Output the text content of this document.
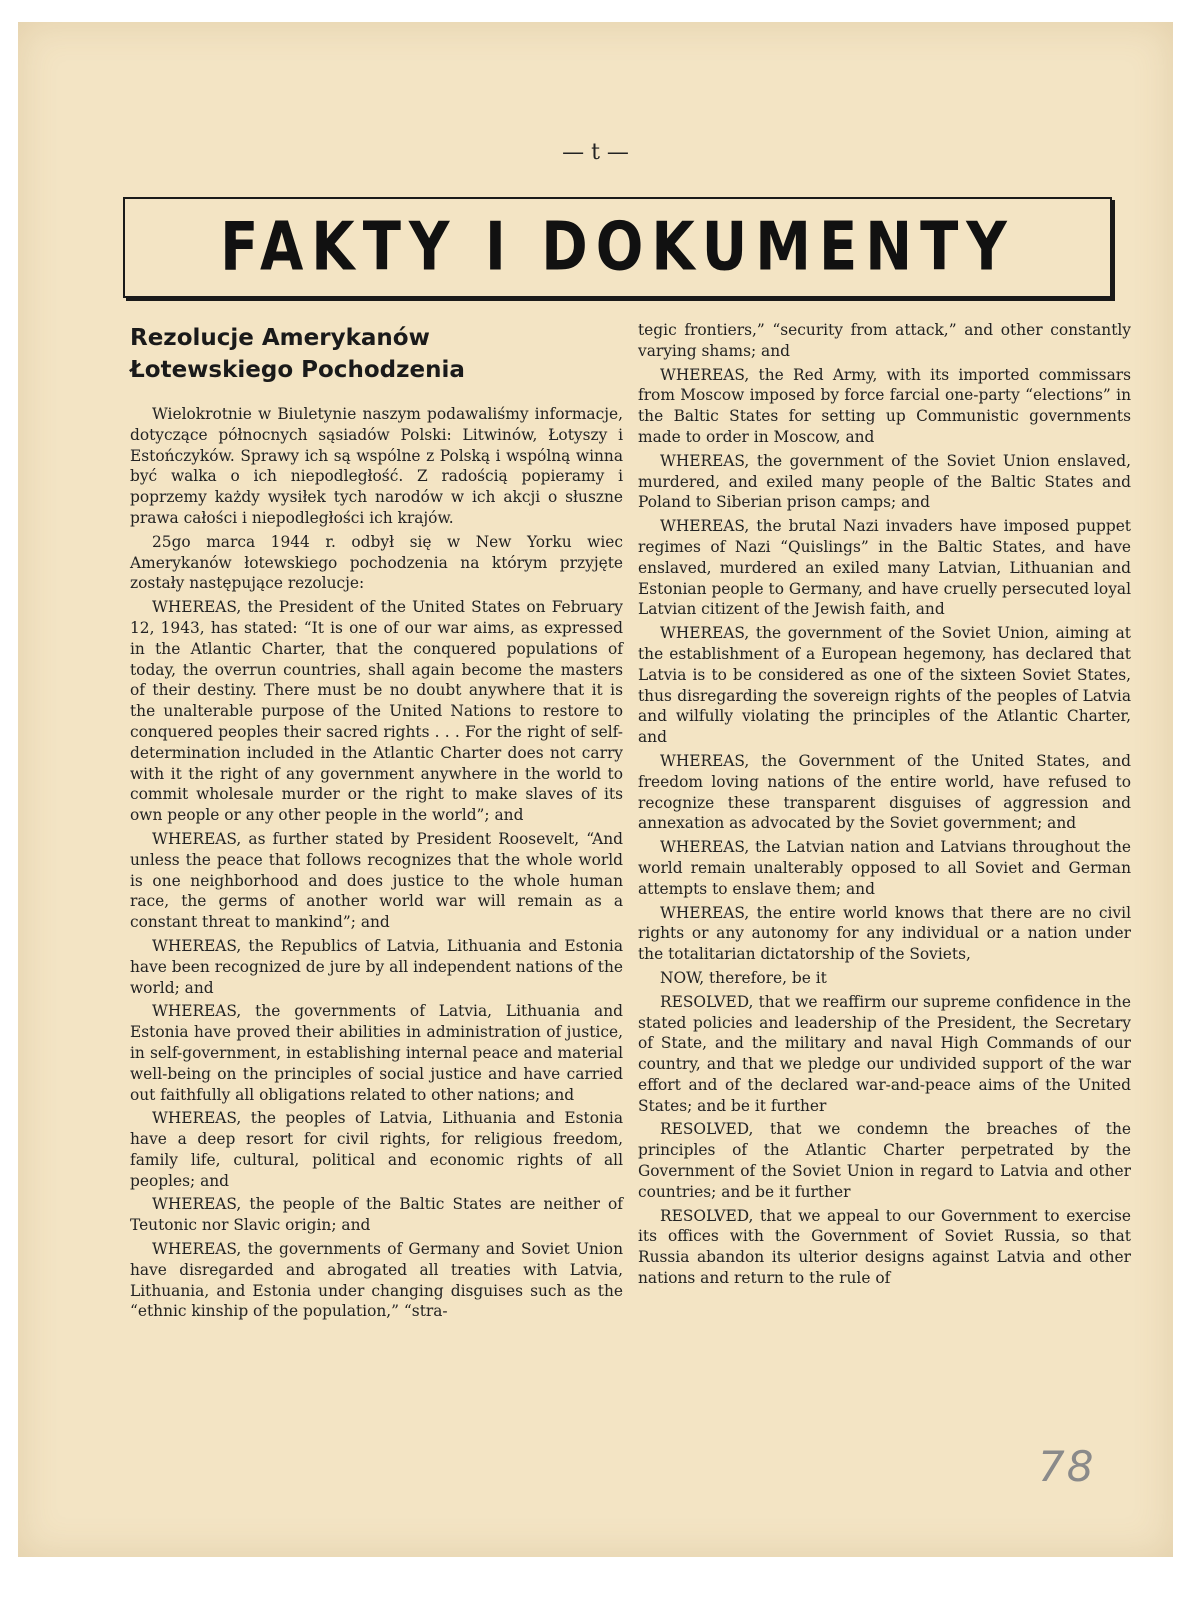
— t —
FAKTY I DOKUMENTY
Rezolucje Amerykanów
Łotewskiego Pochodzenia

Wielokrotnie w Biuletynie naszym podawaliśmy informacje, dotyczące północnych sąsiadów Polski: Litwinów, Łotyszy i Estończyków. Sprawy ich są wspólne z Polską i wspólną winna być walka o ich niepodległość. Z radością popieramy i poprzemy każdy wysiłek tych narodów w ich akcji o słuszne prawa całości i niepodległości ich krajów.

25go marca 1944 r. odbył się w New Yorku wiec Amerykanów łotewskiego pochodzenia na którym przyjęte zostały następujące rezolucje:

WHEREAS, the President of the United States on February 12, 1943, has stated: “It is one of our war aims, as expressed in the Atlantic Charter, that the conquered populations of today, the overrun countries, shall again become the masters of their destiny. There must be no doubt anywhere that it is the unalterable purpose of the United Nations to restore to conquered peoples their sacred rights . . . For the right of self-determination included in the Atlantic Charter does not carry with it the right of any government anywhere in the world to commit wholesale murder or the right to make slaves of its own people or any other people in the world”; and

WHEREAS, as further stated by President Roosevelt, “And unless the peace that follows recognizes that the whole world is one neighborhood and does justice to the whole human race, the germs of another world war will remain as a constant threat to mankind”; and

WHEREAS, the Republics of Latvia, Lithuania and Estonia have been recognized de jure by all independent nations of the world; and

WHEREAS, the governments of Latvia, Lithuania and Estonia have proved their abilities in administration of justice, in self-government, in establishing internal peace and material well-being on the principles of social justice and have carried out faithfully all obligations related to other nations; and

WHEREAS, the peoples of Latvia, Lithuania and Estonia have a deep resort for civil rights, for religious freedom, family life, cultural, political and economic rights of all peoples; and

WHEREAS, the people of the Baltic States are neither of Teutonic nor Slavic origin; and

WHEREAS, the governments of Germany and Soviet Union have disregarded and abrogated all treaties with Latvia, Lithuania, and Estonia under changing disguises such as the “ethnic kinship of the population,” “stra-

tegic frontiers,” “security from attack,” and other constantly varying shams; and

WHEREAS, the Red Army, with its imported commissars from Moscow imposed by force farcial one-party “elections” in the Baltic States for setting up Communistic governments made to order in Moscow, and

WHEREAS, the government of the Soviet Union enslaved, murdered, and exiled many people of the Baltic States and Poland to Siberian prison camps; and

WHEREAS, the brutal Nazi invaders have imposed puppet regimes of Nazi “Quislings” in the Baltic States, and have enslaved, murdered an exiled many Latvian, Lithuanian and Estonian people to Germany, and have cruelly persecuted loyal Latvian citizent of the Jewish faith, and

WHEREAS, the government of the Soviet Union, aiming at the establishment of a European hegemony, has declared that Latvia is to be considered as one of the sixteen Soviet States, thus disregarding the sovereign rights of the peoples of Latvia and wilfully violating the principles of the Atlantic Charter, and

WHEREAS, the Government of the United States, and freedom loving nations of the entire world, have refused to recognize these transparent disguises of aggression and annexation as advocated by the Soviet government; and

WHEREAS, the Latvian nation and Latvians throughout the world remain unalterably opposed to all Soviet and German attempts to enslave them; and

WHEREAS, the entire world knows that there are no civil rights or any autonomy for any individual or a nation under the totalitarian dictatorship of the Soviets,

NOW, therefore, be it

RESOLVED, that we reaffirm our supreme confidence in the stated policies and leadership of the President, the Secretary of State, and the military and naval High Commands of our country, and that we pledge our undivided support of the war effort and of the declared war-and-peace aims of the United States; and be it further

RESOLVED, that we condemn the breaches of the principles of the Atlantic Charter perpetrated by the Government of the Soviet Union in regard to Latvia and other countries; and be it further

RESOLVED, that we appeal to our Government to exercise its offices with the Government of Soviet Russia, so that Russia abandon its ulterior designs against Latvia and other nations and return to the rule of

78
